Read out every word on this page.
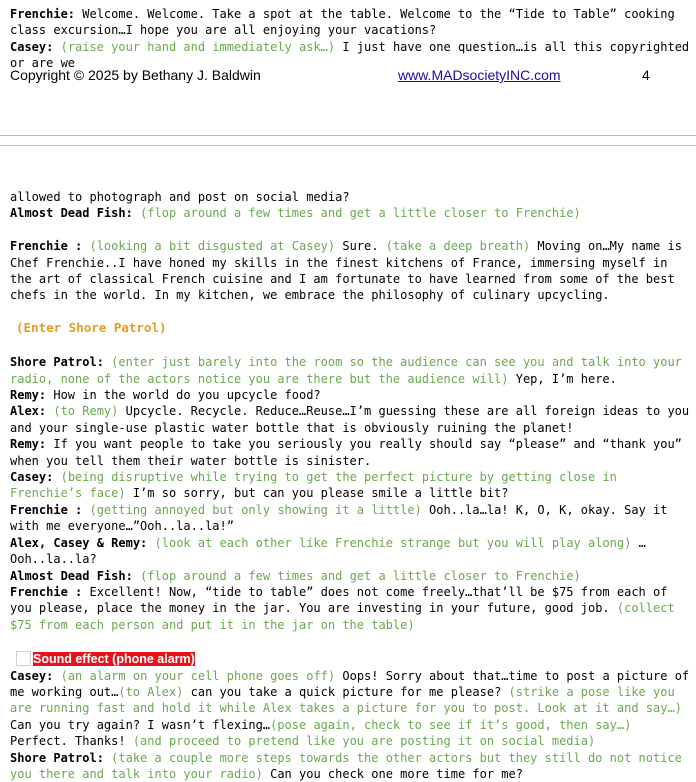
Frenchie: Welcome. Welcome. Take a spot at the table. Welcome to the “Tide to Table” cooking class excursion…I hope you are all enjoying your vacations?

Casey: (raise your hand and immediately ask…) I just have one question…is all this copyrighted or are we

Copyright © 2025 by Bethany J. Baldwin	www.MADsocietyINC.com	4

allowed to photograph and post on social media?

Almost Dead Fish: (flop around a few times and get a little closer to Frenchie)

Frenchie : (looking a bit disgusted at Casey) Sure. (take a deep breath) Moving on…My name is Chef Frenchie..I have honed my skills in the finest kitchens of France, immersing myself in the art of classical French cuisine and I am fortunate to have learned from some of the best chefs in the world. In my kitchen, we embrace the philosophy of culinary upcycling.

(Enter Shore Patrol)

Shore Patrol: (enter just barely into the room so the audience can see you and talk into your radio, none of the actors notice you are there but the audience will) Yep, I’m here.

Remy: How in the world do you upcycle food?

Alex: (to Remy) Upcycle. Recycle. Reduce…Reuse…I’m guessing these are all foreign ideas to you and your single-use plastic water bottle that is obviously ruining the planet!

Remy: If you want people to take you seriously you really should say “please” and “thank you” when you tell them their water bottle is sinister.

Casey: (being disruptive while trying to get the perfect picture by getting close in Frenchie’s face) I’m so sorry, but can you please smile a little bit?

Frenchie : (getting annoyed but only showing it a little) Ooh..la…la! K, O, K, okay. Say it with me everyone…”Ooh..la..la!”

Alex, Casey & Remy: (look at each other like Frenchie strange but you will play along) …Ooh..la..la?

Almost Dead Fish: (flop around a few times and get a little closer to Frenchie)

Frenchie : Excellent! Now, “tide to table” does not come freely…that’ll be $75 from each of you please, place the money in the jar. You are investing in your future, good job. (collect $75 from each person and put it in the jar on the table)

Sound effect (phone alarm)

Casey: (an alarm on your cell phone goes off) Oops! Sorry about that…time to post a picture of me working out…(to Alex) can you take a quick picture for me please? (strike a pose like you are running fast and hold it while Alex takes a picture for you to post. Look at it and say…) Can you try again? I wasn’t flexing…(pose again, check to see if it’s good, then say…) Perfect. Thanks! (and proceed to pretend like you are posting it on social media)

Shore Patrol: (take a couple more steps towards the other actors but they still do not notice you there and talk into your radio) Can you check one more time for me?
